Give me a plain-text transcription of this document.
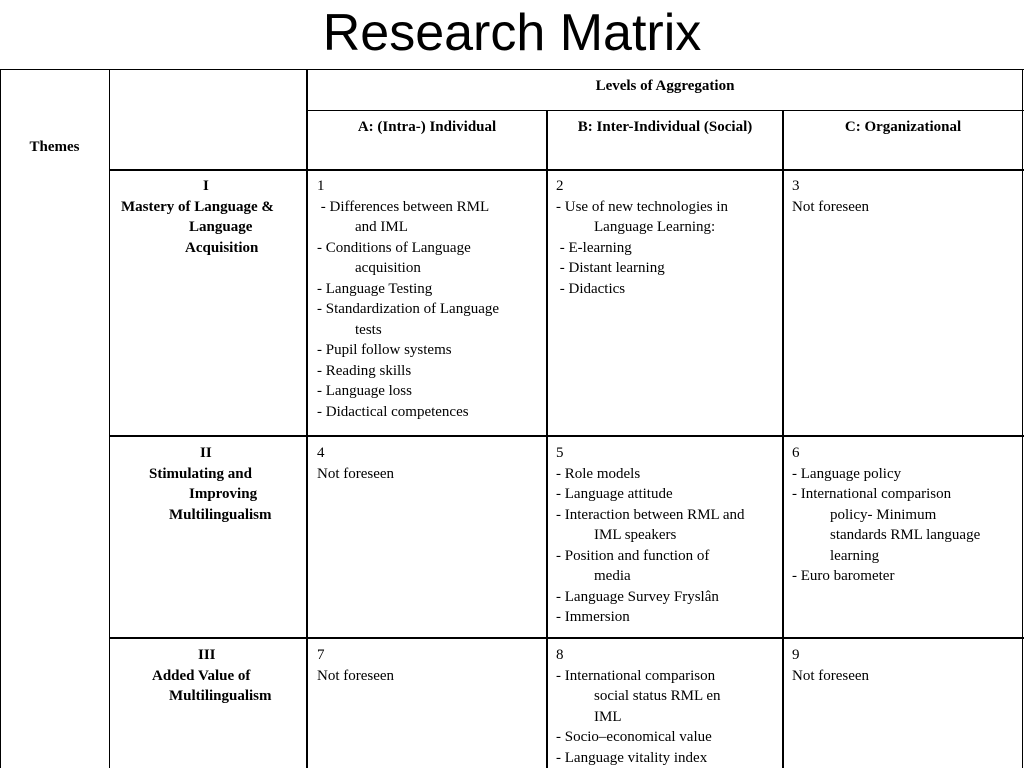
Research Matrix
Themes
Levels of Aggregation
A: (Intra-) Individual	B: Inter-Individual (Social)	C: Organizational
I
Mastery of Language &
Language
Acquisition
1
- Differences between RML
and IML
- Conditions of Language
acquisition
- Language Testing
- Standardization of Language
tests
- Pupil follow systems
- Reading skills
- Language loss
- Didactical competences
2
- Use of new technologies in
Language Learning:
- E-learning
- Distant learning
- Didactics
3
Not foreseen
II
Stimulating and
Improving
Multilingualism
4
Not foreseen
5
- Role models
- Language attitude
- Interaction between RML and
IML speakers
- Position and function of
media
- Language Survey Fryslân
- Immersion
6
- Language policy
- International comparison
policy- Minimum
standards RML language
learning
- Euro barometer
III
Added Value of
Multilingualism
7
Not foreseen
8
- International comparison
social status RML en
IML
- Socio–economical value
- Language vitality index
9
Not foreseen
